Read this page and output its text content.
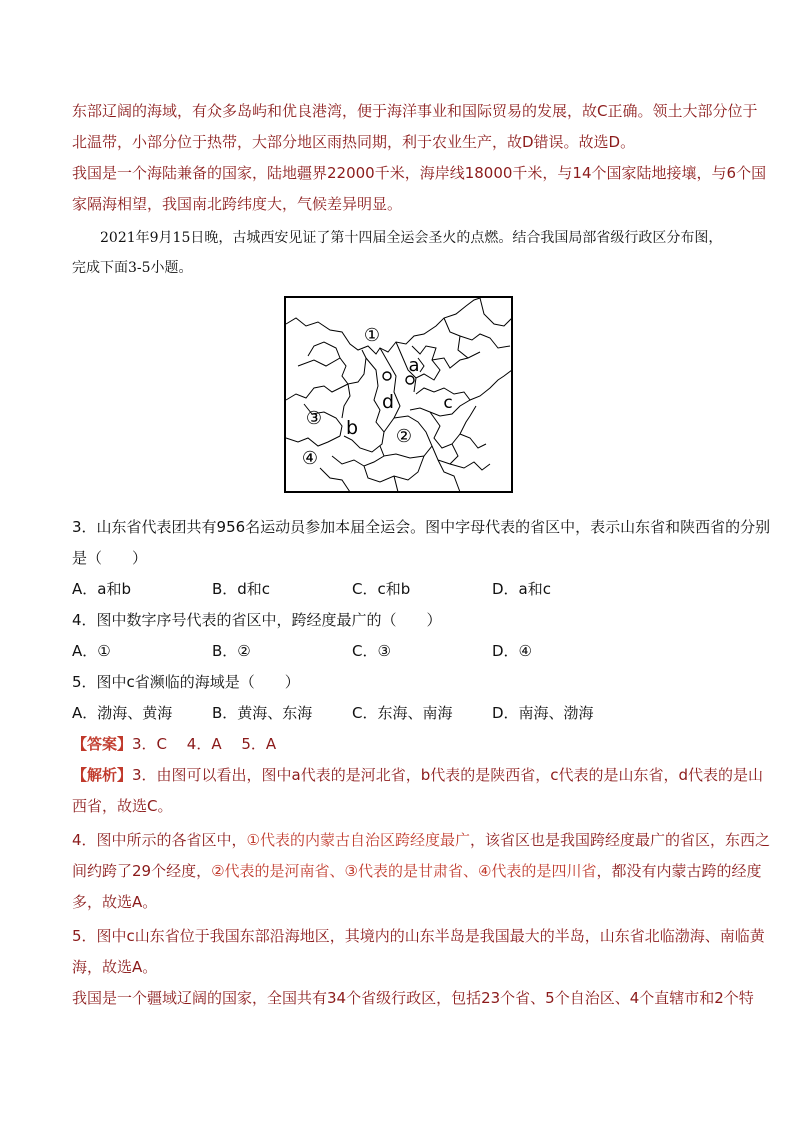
东部辽阔的海域，有众多岛屿和优良港湾，便于海洋事业和国际贸易的发展，故C正确。领土大部分位于
北温带，小部分位于热带，大部分地区雨热同期，利于农业生产，故D错误。故选D。
我国是一个海陆兼备的国家，陆地疆界22000千米，海岸线18000千米，与14个国家陆地接壤，与6个国
家隔海相望，我国南北跨纬度大，气候差异明显。
2021年9月15日晚，古城西安见证了第十四届全运会圣火的点燃。结合我国局部省级行政区分布图，
完成下面3-5小题。
①
②
③
④
a
b
c
d
3．山东省代表团共有956名运动员参加本届全运会。图中字母代表的省区中，表示山东省和陕西省的分别
是（　　）
A．a和b	B．d和c	C．c和b	D．a和c
4．图中数字序号代表的省区中，跨经度最广的（　　）
A．①	B．②	C．③	D．④
5．图中c省濒临的海域是（　　）
A．渤海、黄海	B．黄海、东海	C．东海、南海	D．南海、渤海
【答案】3．C　 4．A　 5．A
【解析】3．由图可以看出，图中a代表的是河北省，b代表的是陕西省，c代表的是山东省，d代表的是山
西省，故选C。
4．图中所示的各省区中，①代表的内蒙古自治区跨经度最广，该省区也是我国跨经度最广的省区，东西之
间约跨了29个经度，②代表的是河南省、③代表的是甘肃省、④代表的是四川省，都没有内蒙古跨的经度
多，故选A。
5．图中c山东省位于我国东部沿海地区，其境内的山东半岛是我国最大的半岛，山东省北临渤海、南临黄
海，故选A。
我国是一个疆域辽阔的国家，全国共有34个省级行政区，包括23个省、5个自治区、4个直辖市和2个特
